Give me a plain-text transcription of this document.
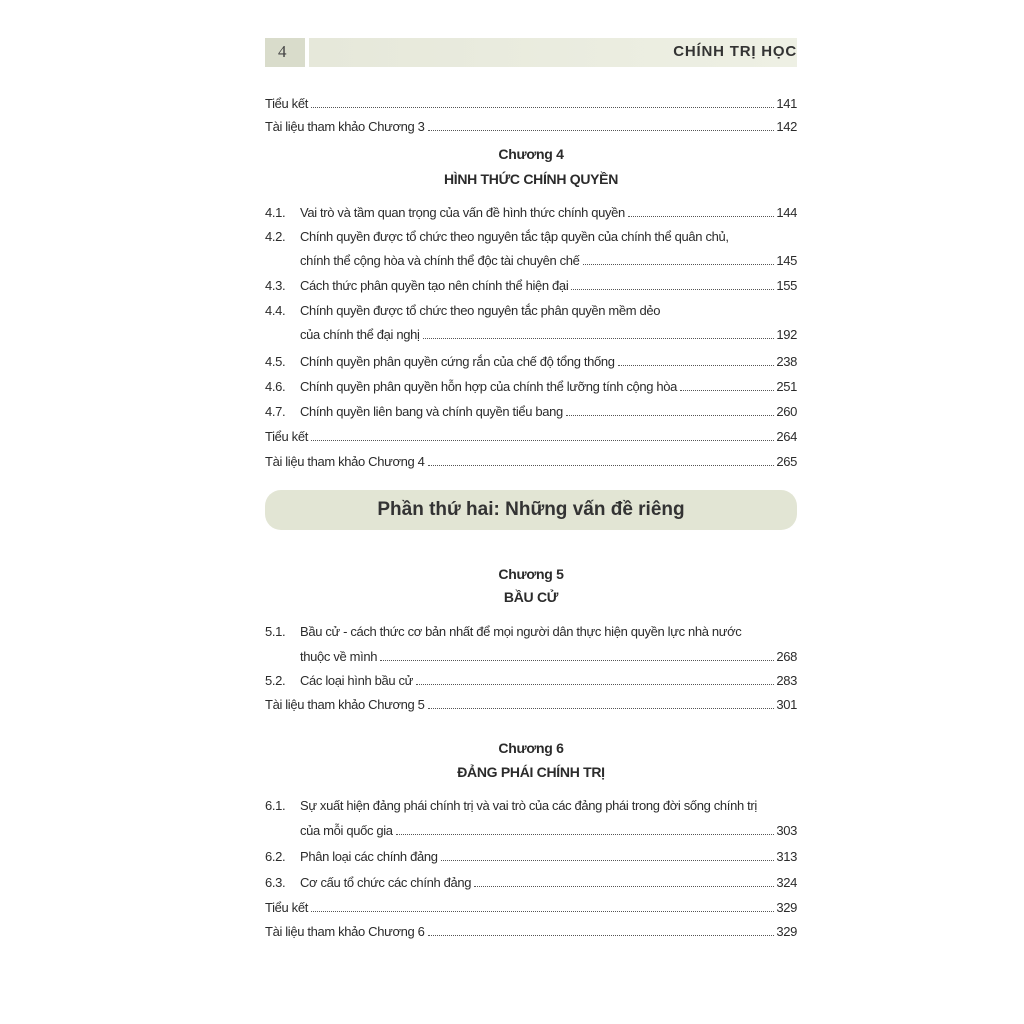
4	CHÍNH TRỊ HỌC
Phần thứ hai: Những vấn đề riêng
Tiểu kết	141
Tài liệu tham khảo Chương 3	142
Chương 4
HÌNH THỨC CHÍNH QUYỀN
4.1.	Vai trò và tầm quan trọng của vấn đề hình thức chính quyền	144
4.2.	Chính quyền được tổ chức theo nguyên tắc tập quyền của chính thể quân chủ,
chính thể cộng hòa và chính thể độc tài chuyên chế	145
4.3.	Cách thức phân quyền tạo nên chính thể hiện đại	155
4.4.	Chính quyền được tổ chức theo nguyên tắc phân quyền mềm dẻo
của chính thể đại nghị	192
4.5.	Chính quyền phân quyền cứng rắn của chế độ tổng thống	238
4.6.	Chính quyền phân quyền hỗn hợp của chính thể lưỡng tính cộng hòa	251
4.7.	Chính quyền liên bang và chính quyền tiểu bang	260
Tiểu kết	264
Tài liệu tham khảo Chương 4	265
Chương 5
BẦU CỬ
5.1.	Bầu cử - cách thức cơ bản nhất để mọi người dân thực hiện quyền lực nhà nước
thuộc về mình	268
5.2.	Các loại hình bầu cử	283
Tài liệu tham khảo Chương 5	301
Chương 6
ĐẢNG PHÁI CHÍNH TRỊ
6.1.	Sự xuất hiện đảng phái chính trị và vai trò của các đảng phái trong đời sống chính trị
của mỗi quốc gia	303
6.2.	Phân loại các chính đảng	313
6.3.	Cơ cấu tổ chức các chính đảng	324
Tiểu kết	329
Tài liệu tham khảo Chương 6	329
